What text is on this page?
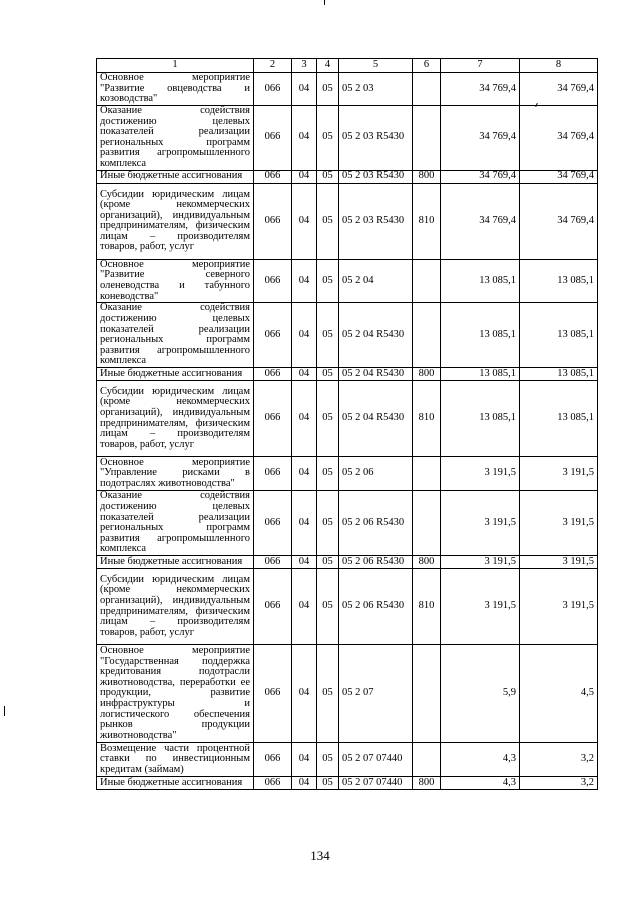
1	2	3	4	5	6	7	8
Основное мероприятие "Развитие овцеводства и козоводства"	066	04	05	05 2 03		34 769,4	34 769,4
Оказание содействия достижению целевых показателей реализации региональных программ развития агропромышленного комплекса	066	04	05	05 2 03 R5430		34 769,4	34 769,4
Иные бюджетные ассигнования	066	04	05	05 2 03 R5430	800	34 769,4	34 769,4
Субсидии юридическим лицам (кроме некоммерческих организаций), индивидуальным предпринимателям, физическим лицам – производителям товаров, работ, услуг	066	04	05	05 2 03 R5430	810	34 769,4	34 769,4
Основное мероприятие "Развитие северного оленеводства и табунного коневодства"	066	04	05	05 2 04		13 085,1	13 085,1
Оказание содействия достижению целевых показателей реализации региональных программ развития агропромышленного комплекса	066	04	05	05 2 04 R5430		13 085,1	13 085,1
Иные бюджетные ассигнования	066	04	05	05 2 04 R5430	800	13 085,1	13 085,1
Субсидии юридическим лицам (кроме некоммерческих организаций), индивидуальным предпринимателям, физическим лицам – производителям товаров, работ, услуг	066	04	05	05 2 04 R5430	810	13 085,1	13 085,1
Основное мероприятие "Управление рисками в подотраслях животноводства"	066	04	05	05 2 06		3 191,5	3 191,5
Оказание содействия достижению целевых показателей реализации региональных программ развития агропромышленного комплекса	066	04	05	05 2 06 R5430		3 191,5	3 191,5
Иные бюджетные ассигнования	066	04	05	05 2 06 R5430	800	3 191,5	3 191,5
Субсидии юридическим лицам (кроме некоммерческих организаций), индивидуальным предпринимателям, физическим лицам – производителям товаров, работ, услуг	066	04	05	05 2 06 R5430	810	3 191,5	3 191,5
Основное мероприятие "Государственная поддержка кредитования подотрасли животноводства, переработки ее продукции, развитие инфраструктуры и логистического обеспечения рынков продукции животноводства"	066	04	05	05 2 07		5,9	4,5
Возмещение части процентной ставки по инвестиционным кредитам (займам)	066	04	05	05 2 07 07440		4,3	3,2
Иные бюджетные ассигнования	066	04	05	05 2 07 07440	800	4,3	3,2
134
